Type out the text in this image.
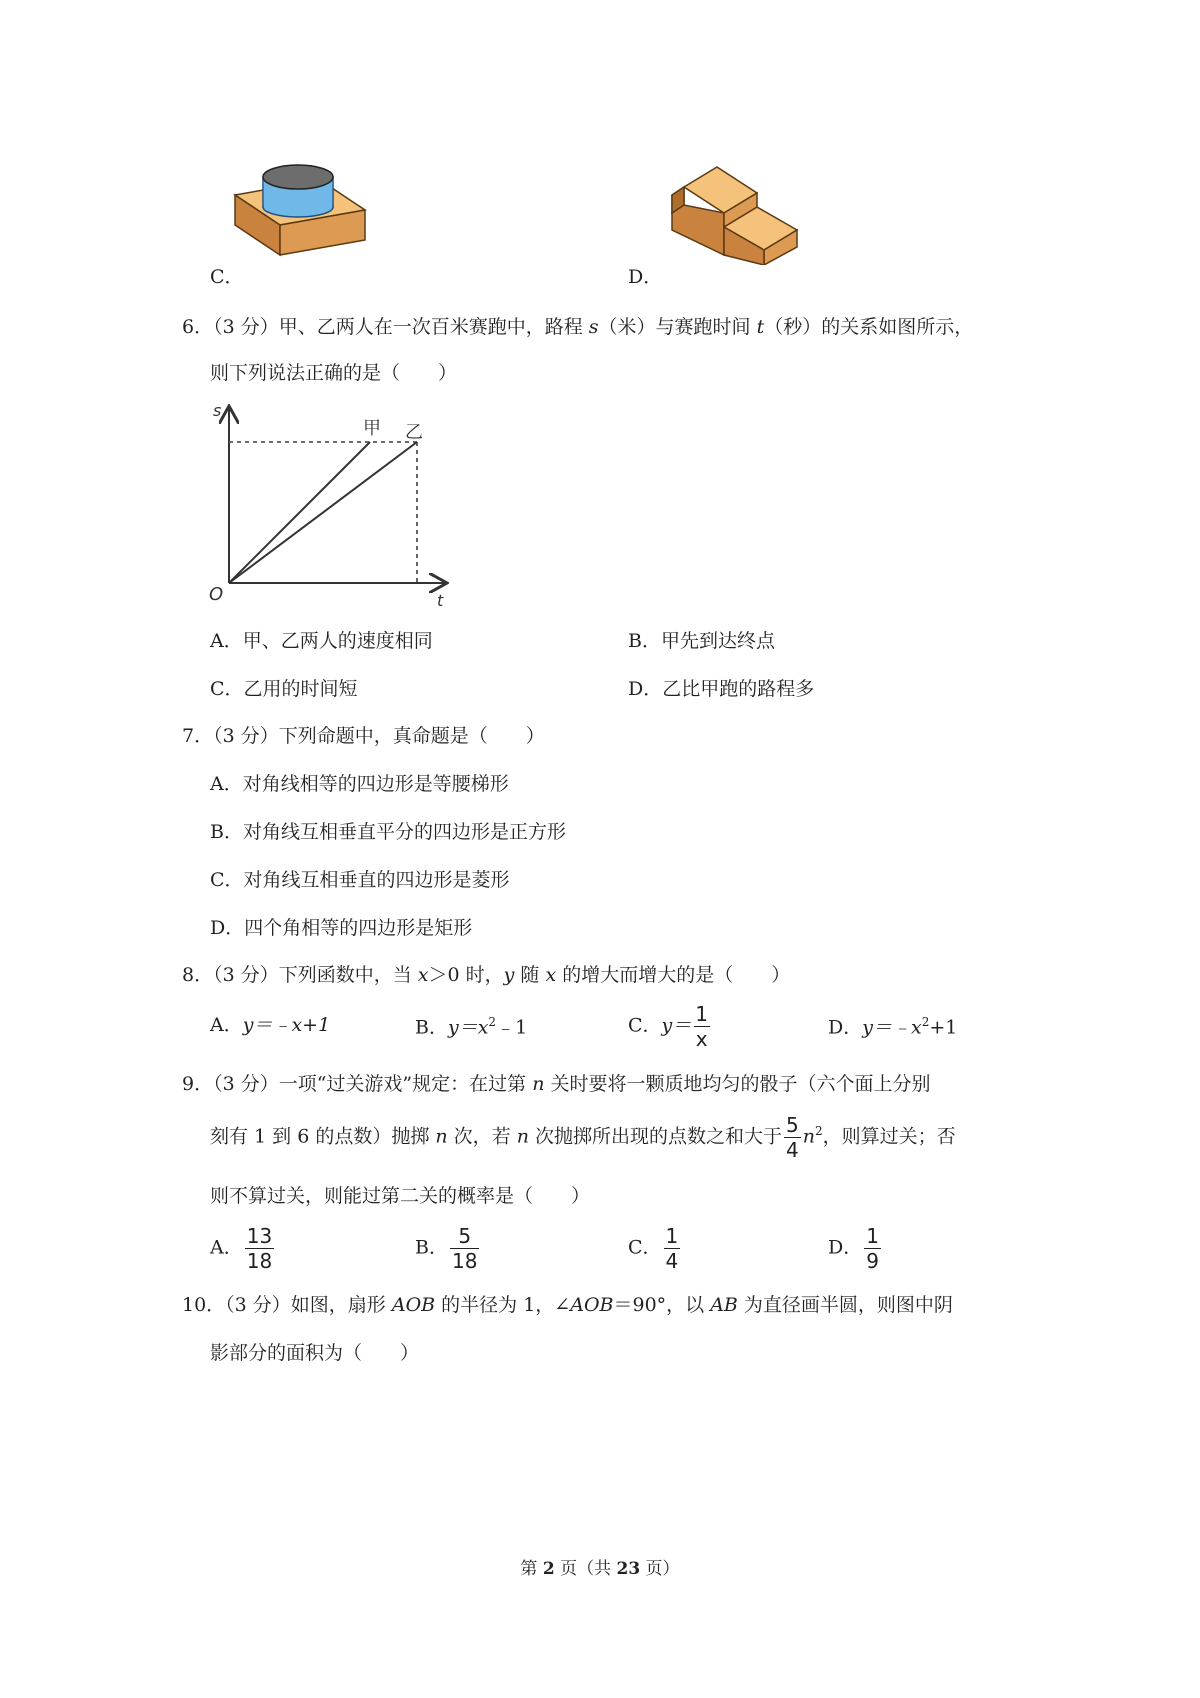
C．	D．
6．（3 分）甲、乙两人在一次百米赛跑中，路程 s（米）与赛跑时间 t（秒）的关系如图所示，
则下列说法正确的是（　　）
s
t
O
甲 乙
A．甲、乙两人的速度相同	B．甲先到达终点
C．乙用的时间短	D．乙比甲跑的路程多
7．（3 分）下列命题中，真命题是（　　）
A．对角线相等的四边形是等腰梯形
B．对角线互相垂直平分的四边形是正方形
C．对角线互相垂直的四边形是菱形
D．四个角相等的四边形是矩形
8．（3 分）下列函数中，当 x＞0 时，y 随 x 的增大而增大的是（　　）
A．y＝﹣x+1	B．$y=x^2﹣1$	C．$y= \frac{1}{x}$	D．$y=﹣x^2+1$
9．（3 分）一项“过关游戏”规定：在过第 n 关时要将一颗质地均匀的骰子（六个面上分别
刻有 1 到 6 的点数）抛掷 n 次，若 n 次抛掷所出现的点数之和大于 $\frac{5}{4} n^2$，则算过关；否
则不算过关，则能过第二关的概率是（　　）
A． $\frac{13}{18}$	B． $\frac{5}{18}$	C． $\frac{1}{4}$	D． $\frac{1}{9}$
10．（3 分）如图，扇形 AOB 的半径为 1，∠AOB＝90°，以 AB 为直径画半圆，则图中阴
影部分的面积为（　　）
第 2 页（共 23 页）
